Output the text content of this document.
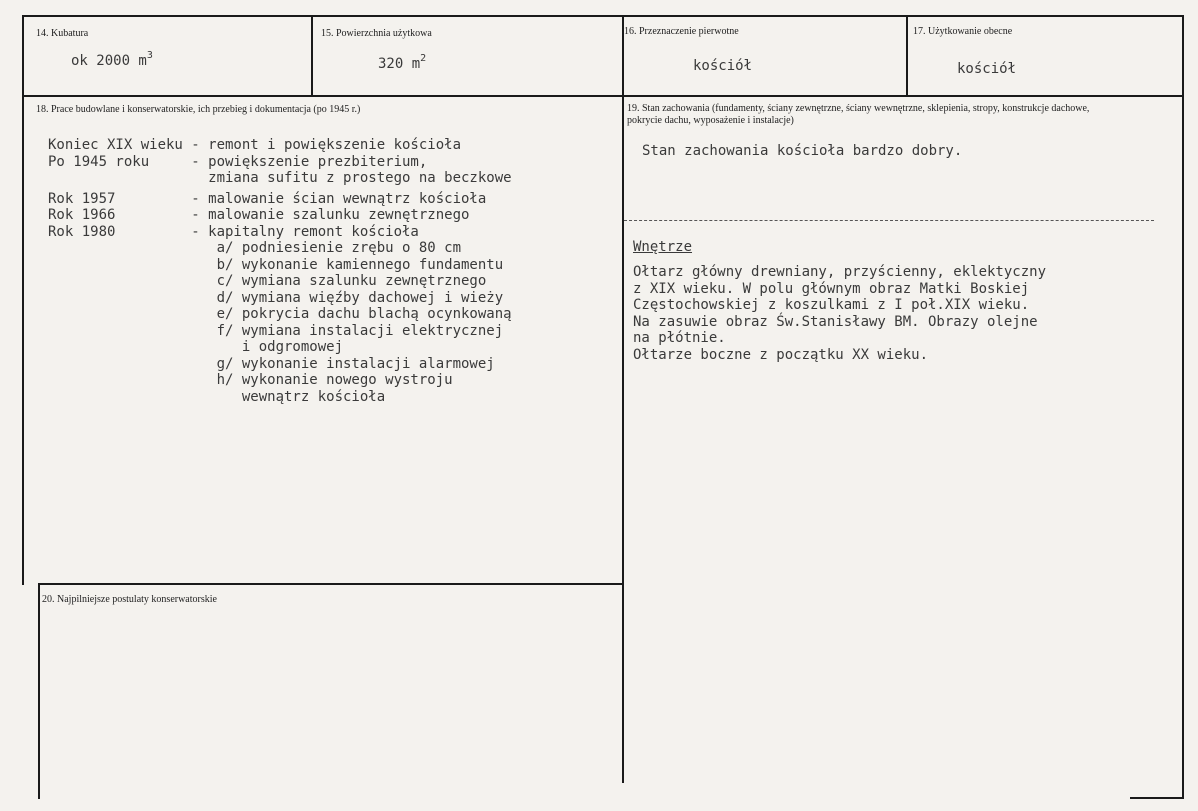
14. Kubatura
ok 2000 $m^3$
15. Powierzchnia użytkowa
320 $m^2$
16. Przeznaczenie pierwotne
kościół
17. Użytkowanie obecne
kościół
18. Prace budowlane i konserwatorskie, ich przebieg i dokumentacja (po 1945 r.)
Koniec XIX wieku - remont i powiększenie kościoła
Po 1945 roku     - powiększenie prezbiterium,
zmiana sufitu z prostego na beczkowe
Rok 1957         - malowanie ścian wewnątrz kościoła
Rok 1966         - malowanie szalunku zewnętrznego
Rok 1980         - kapitalny remont kościoła
a/ podniesienie zrębu o 80 cm
b/ wykonanie kamiennego fundamentu
c/ wymiana szalunku zewnętrznego
d/ wymiana więźby dachowej i wieży
e/ pokrycia dachu blachą ocynkowaną
f/ wymiana instalacji elektrycznej
i odgromowej
g/ wykonanie instalacji alarmowej
h/ wykonanie nowego wystroju
wewnątrz kościoła
19. Stan zachowania (fundamenty, ściany zewnętrzne, ściany wewnętrzne, sklepienia, stropy, konstrukcje dachowe,
pokrycie dachu, wyposażenie i instalacje)
Stan zachowania kościoła bardzo dobry.
Wnętrze
Ołtarz główny drewniany, przyścienny, eklektyczny
z XIX wieku. W polu głównym obraz Matki Boskiej
Częstochowskiej z koszulkami z I poł.XIX wieku.
Na zasuwie obraz Św.Stanisławy BM. Obrazy olejne
na płótnie.
Ołtarze boczne z początku XX wieku.
20. Najpilniejsze postulaty konserwatorskie
